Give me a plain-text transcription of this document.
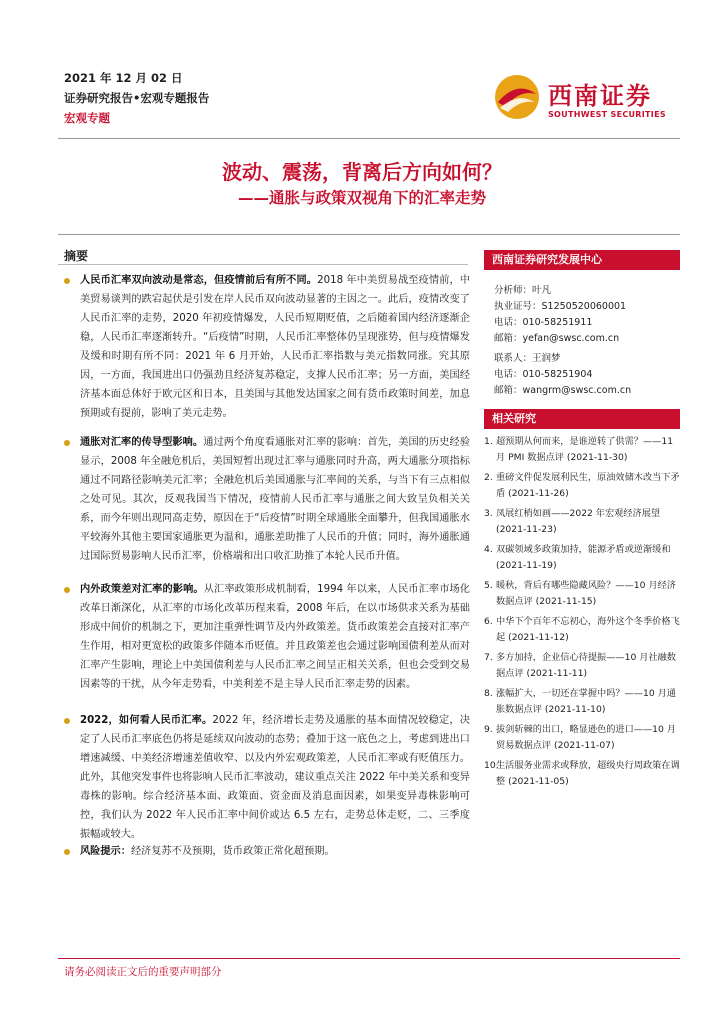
2021 年 12 月 02 日
证券研究报告•宏观专题报告
宏观专题
西南证券
SOUTHWEST SECURITIES
波动、震荡，背离后方向如何？
——通胀与政策双视角下的汇率走势
摘要

人民币汇率双向波动是常态，但疫情前后有所不同。2018 年中美贸易战至疫情前，中美贸易谈判的跌宕起伏是引发在岸人民币双向波动显著的主因之一。此后，疫情改变了人民币汇率的走势，2020 年初疫情爆发，人民币短期贬值，之后随着国内经济逐渐企稳，人民币汇率逐渐转升。“后疫情”时期，人民币汇率整体仍呈现涨势，但与疫情爆发及缓和时期有所不同：2021 年 6 月开始，人民币汇率指数与美元指数同涨。究其原因，一方面，我国进出口仍强劲且经济复苏稳定，支撑人民币汇率；另一方面，美国经济基本面总体好于欧元区和日本，且美国与其他发达国家之间有货币政策时间差，加息预期或有提前，影响了美元走势。

通胀对汇率的传导型影响。通过两个角度看通胀对汇率的影响：首先，美国的历史经验显示，2008 年全融危机后，美国短暂出现过汇率与通胀同时升高，两大通胀分项指标通过不同路径影响美元汇率；全融危机后美国通胀与汇率间的关系，与当下有三点相似之处可见。其次，反观我国当下情况，疫情前人民币汇率与通胀之间大致呈负相关关系，而今年则出现同高走势，原因在于“后疫情”时期全球通胀全面攀升，但我国通胀水平较海外其他主要国家通胀更为温和，通胀差助推了人民币的升值；同时，海外通胀通过国际贸易影响人民币汇率，价格端和出口收汇助推了本轮人民币升值。

内外政策差对汇率的影响。从汇率政策形成机制看，1994 年以来，人民币汇率市场化改革日渐深化，从汇率的市场化改革历程来看，2008 年后，在以市场供求关系为基础形成中间价的机制之下，更加注重弹性调节及内外政策差。货币政策差会直接对汇率产生作用，相对更宽松的政策多伴随本币贬值。并且政策差也会通过影响国债利差从而对汇率产生影响，理论上中美国债利差与人民币汇率之间呈正相关关系，但也会受到交易因素等的干扰，从今年走势看，中美利差不是主导人民币汇率走势的因素。

2022，如何看人民币汇率。2022 年，经济增长走势及通胀的基本面情况较稳定，决定了人民币汇率底色仍将是延续双向波动的态势；叠加于这一底色之上，考虑到进出口增速减缓、中美经济增速差值收窄、以及内外宏观政策差，人民币汇率或有贬值压力。此外，其他突发事件也将影响人民币汇率波动，建议重点关注 2022 年中美关系和变异毒株的影响。综合经济基本面、政策面、资金面及消息面因素，如果变异毒株影响可控，我们认为 2022 年人民币汇率中间价或达 6.5 左右，走势总体走贬，二、三季度振幅或较大。

风险提示：经济复苏不及预期，货币政策正常化超预期。

西南证券研究发展中心
分析师：叶凡
执业证号：S1250520060001
电话：010-58251911
邮箱：yefan@swsc.com.cn
联系人：王润梦
电话：010-58251904
邮箱：wangrm@swsc.com.cn
相关研究
1. 超预期从何而来，是谁逆转了供需？——11 月 PMI 数据点评 (2021-11-30)
2. 重磅文件促发展利民生，原油效储木改当下矛盾 (2021-11-26)
3. 凤展红梢如画——2022 年宏观经济展望 (2021-11-23)
4. 双碳领域多政策加持，能源矛盾或逆渐缓和 (2021-11-19)
5. 暖秋，背后有哪些隐藏风险？——10 月经济数据点评 (2021-11-15)
6. 中华下个百年不忘初心，海外这个冬季价格飞起 (2021-11-12)
7. 多方加持，企业信心待提振——10 月社融数据点评 (2021-11-11)
8. 涨幅扩大，一切还在掌握中吗？——10 月通胀数据点评 (2021-11-10)
9. 拔剑斩棘的出口，略显逊色的进口——10 月贸易数据点评 (2021-11-07)
10.
生活服务业需求或释放，超级央行周政策在调整 (2021-11-05)
请务必阅读正文后的重要声明部分
